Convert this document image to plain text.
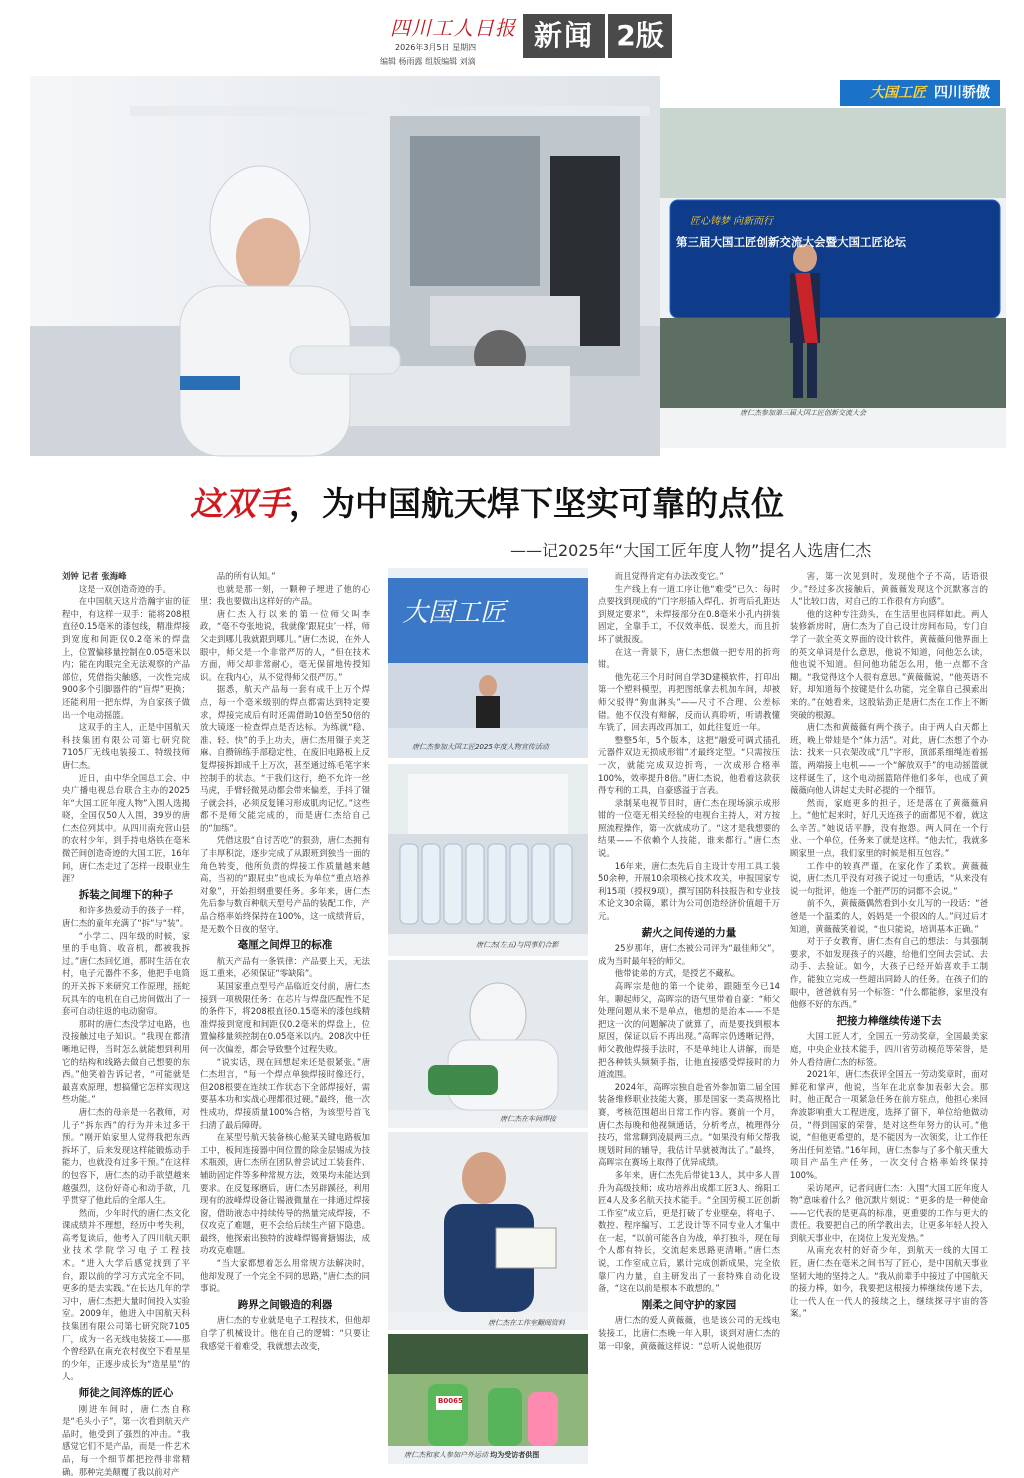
四川工人日报
2026年3月5日 星期四
编辑 杨雨露 组版编辑 刘滴
新闻 2版
大国工匠 四川骄傲
匠心铸梦 向新而行
第三届大国工匠创新交流大会暨大国工匠论坛
唐仁杰参加第三届大国工匠创新交流大会
这双手，为中国航天焊下坚实可靠的点位
——记2025年“大国工匠年度人物”提名人选唐仁杰

刘钟 记者 张海峰

这是一双创造奇迹的手。

在中国航天这片浩瀚宇宙的征程中，有这样一双手：能将208根直径0.15毫米的漆包线，精准焊接到宽度和间距仅0.2毫米的焊盘上，位置偏移量控制在0.05毫米以内；能在肉眼完全无法观察的产品部位，凭借指尖触感，一次性完成900多个引脚器件的“盲焊”更换；还能利用一把东焊，为自家孩子做出一个电动摇篮。

这双手的主人，正是中国航天科技集团有限公司第七研究院7105厂无线电装接工、特级技师唐仁杰。

近日，由中华全国总工会、中央广播电视总台联合主办的2025年“大国工匠年度人物”入围人选揭晓，全国仅50人入围，39岁的唐仁杰位列其中。从四川南充营山县的农村少年，到手持电烙铁在毫米微芒间创造奇迹的大国工匠，16年间，唐仁杰走过了怎样一段职业生涯？

拆装之间埋下的种子

和许多热爱动手的孩子一样，唐仁杰的童年充满了“拆”与“装”。

“小学二、四年级的时候，家里的手电筒、收音机，都被我拆过。”唐仁杰回忆道，那时生活在农村，电子元器件不多，他把手电筒的开关拆下来研究工作原理，摇蛇玩具车的电机在自己房间做出了一套可自动往返的电动窗帘。

那时的唐仁杰没学过电路，也没接触过电子知识。“我现在都清晰地记得，当时怎么就能想到利用它的结构和线路去做自己想要的东西。”他笑着告诉记者，“可能就是最喜欢原理，想搞懂它怎样实现这些功能。”

唐仁杰的母亲是一名教师，对儿子“拆东西”的行为并未过多干预。“刚开始家里人觉得我把东西拆坏了，后来发现这样能锻炼动手能力，也就没有过多干预。”在这样的包容下，唐仁杰的动手欲望越来越强烈，这份好奇心和动手欲，几乎贯穿了他此后的全部人生。

然而，少年时代的唐仁杰文化课成绩并不理想，经历中考失利，高考复读后，他考入了四川航天职业技术学院学习电子工程技术。“进入大学后感觉找到了平台，跟以前的学习方式完全不同，更多的是去实践。”在长达几年的学习中，唐仁杰把大量时间投入实验室。2009年，他进入中国航天科技集团有限公司第七研究院7105厂，成为一名无线电装接工——那个曾经趴在南充农村夜空下看星星的少年，正逐步成长为“造星星”的人。

师徒之间淬炼的匠心

刚进车间时，唐仁杰自称是“毛头小子”，第一次看到航天产品时，他受到了强烈的冲击。“我感觉它们不是产品，而是一件艺术品，每一个细节都把控得非常精确。那种完美颠覆了我以前对产

品的所有认知。”

也就是那一刻，一颗种子埋进了他的心里：我也要做出这样好的产品。

唐仁杰入行以来的第一位师父叫李政，“毫不夸张地说，我就像‘跟屁虫’一样，师父走到哪儿我就跟到哪儿。”唐仁杰说，在外人眼中，师父是一个非常严厉的人，“但在技术方面，师父却非常耐心，毫无保留地传授知识。在我内心，从不觉得师父很严厉。”

据悉，航天产品每一套有成千上万个焊点，每一个毫米级别的焊点都需达到特定要求，焊接完成后有时还需借助10倍至50倍的放大镜逐一检查焊点是否达标。为练就“稳、准、轻、快”的手上功夫，唐仁杰用镊子夹芝麻、自攒锦练手部稳定性，在废旧电路板上反复焊接拆卸成千上万次，甚至通过练毛笔字来控制手的状态。“干我们这行，绝不允许一丝马虎，手臂轻微晃动都会带来偏差，手抖了镊子就会抖，必须反复锤习形成肌肉记忆。”这些都不是师父能完成的，而是唐仁杰给自己的“加练”。

凭借这股“自讨苦吃”的狠劲，唐仁杰拥有了丰厚积淀，逐步完成了从跟班到独当一面的角色转变，他所负责的焊接工作质量越来越高，当初的“跟屁虫”也成长为单位“重点培养对象”，开始担纲重要任务。多年来，唐仁杰先后参与数百种航天型号产品的装配工作，产品合格率始终保持在100%，这一成绩背后，是无数个日夜的坚守。

毫厘之间焊卫的标准

航天产品有一条铁律：产品要上天，无法返工重来，必须保证“零缺陷”。

某国家重点型号产品临近交付前，唐仁杰接到一项极限任务：在芯片与焊盘匹配性不足的条件下，将208根直径0.15毫米的漆包线精准焊接到宽度和间距仅0.2毫米的焊盘上，位置偏移量须控制在0.05毫米以内。208次中任何一次偏差，都会导致整个过程失败。

“说实话，现在回想起来还是很紧张。”唐仁杰坦言，“每一个焊点单独焊接时像还行，但208根要在连续工作状态下全部焊接好，需要基本功和实战心理都很过硬。”最终，他一次性成功，焊接质量100%合格，为该型号首飞扫清了最后障碍。

在某型号航天装备核心舱某关键电路板加工中，板间连接器中间位置的除金层锡成为技术瓶颈，唐仁杰所在团队曾尝试过工装套件、辅助固定件等多种常规方法，效果均未能达到要求。在反复琢磨后，唐仁杰另辟蹊径，利用现有的波峰焊设备让锡液微量在一排通过焊接窗，借助液态中持续传导的热量完成焊接，不仅攻克了难题，更不会给后续生产留下隐患。最终，他探索出独特的波峰焊锡膏搪锡法，成功攻克难题。

“当大家都想着怎么用常规方法解决时，他却发现了一个完全不同的思路，”唐仁杰的同事说。

跨界之间锻造的利器

唐仁杰的专业就是电子工程技术，但他却自学了机械设计。他在自己的逻辑：“只要让我感觉干着难受，我就想去改变，

大国工匠
唐仁杰参加大国工匠2025年度人物宣传活动
唐仁杰(左五)与同事们合影
唐仁杰在车间焊接
唐仁杰在工作室翻阅资料
B0065
唐仁杰和家人参加户外运动 均为受访者供图

而且觉得肯定有办法改变它。”

生产线上有一道工序让他“难受”已久：每时点要找到现成的“门字形插入焊孔、折弯后孔距达到规定要求”，未焊接部分在0.8毫米小孔内拼装固定，全靠手工，不仅效率低、误差大，而且折坏了就报废。

在这一背景下，唐仁杰想做一把专用的折弯钳。

他先花三个月时间自学3D建模软件，打印出第一个塑料模型，再把图纸拿去机加车间，却被师父驳得“狗血淋头”——尺寸不合理、公差标错。他不仅没有辩解，反而认真聆听，听请教懂车铣了，回去再改再加工，如此往复近一年。

整整5年，5个版本，这把“融爱可调式插孔元器件双边无损成形钳”才最终定型。“只需按压一次，就能完成双边折弯，一次成形合格率100%，效率提升8倍。”唐仁杰说，他看着这款获得专利的工具，自豪感溢于言表。

录制某电视节目时，唐仁杰在现场演示成形钳的一位毫无相关经验的电视台主持人，对方按照流程操作，第一次就成功了。“这才是我想要的结果——不依赖个人技能，谁来都行。”唐仁杰说。

16年来，唐仁杰先后自主设计专用工具工装50余种，开展10余项核心技术攻关，申报国家专利15项（授权9项），撰写国防科技报告和专业技术论文30余篇，累计为公司创造经济价值超千万元。

薪火之间传递的力量

25岁那年，唐仁杰被公司评为“最佳师父”，成为当时最年轻的师父。

他带徒弟的方式，是授艺不藏私。

高晖宗是他的第一个徒弟，跟随至今已14年。聊起师父，高晖宗的语气里带着自豪：“师父处理问题从来不是单点，他想的是治本——不是把这一次的问题解决了就算了，而是要找到根本原因，保证以后不再出现。”高晖宗仍透晰记得，师父教他焊接手法时，不是单纯让人讲解，而是把各种铁头频频手指，让他直接感受焊接时的力道流围。

2024年，高晖宗独自赴省外参加第二届全国装备维修职业技能大赛，那是国家一类高规格比赛，考核范围超出日常工作内容。赛前一个月，唐仁杰每晚和他视频通话，分析考点，梳理得分技巧，常常聊到凌晨两三点。“如果没有师父帮我规划时间的辅导，我估计早就被淘汰了。”最终，高晖宗在赛场上取得了优异成绩。

多年来，唐仁杰先后带徒13人，其中多人晋升为高级技师；成功培养出成都工匠3人、绵阳工匠4人及多名航天技术能手。“全国劳模工匠创新工作室”成立后，更是打破了专业壁垒，将电子、数控、程序编写、工艺设计等不同专业人才集中在一起，“以前可能各自为战，单打独斗，现在每个人都有特长，交流起来思路更清晰。”唐仁杰说，工作室成立后，累计完成创新成果，完全依靠厂内力量，自主研发出了一套特殊自动化设备，“这在以前是根本不敢想的。”

刚柔之间守护的家园

唐仁杰的爱人黄薇薇，也是该公司的无线电装接工，比唐仁杰晚一年入职，谈到对唐仁杰的第一印象，黄薇薇这样说：“总听人说他很厉

害，第一次见到时，发现他个子不高，话语很少。”经过多次接触后，黄薇薇发现这个沉默寡言的人“比较口齿，对自己的工作很有方向感”。

他的这种专注劲头，在生活里也同样如此。两人装修新房时，唐仁杰为了自己设计房间布局，专门自学了一款全英文界面的设计软件，黄薇薇问他界面上的英文单词是什么意思，他说不知道，问他怎么读，他也说不知道。但问他功能怎么用，他一点都不含糊。“我觉得这个人很有意思。”黄薇薇说，“他英语不好，却知道每个按键是什么功能，完全靠自己摸索出来的。”在她看来，这股钻劲正是唐仁杰在工作上不断突破的根源。

唐仁杰和黄薇薇有两个孩子。由于两人白天都上班，晚上带娃是个“体力活”。对此，唐仁杰想了个办法：找来一只衣架改成“几”字形，顶部系细绳连着摇篮，两端接上电机——一个“解放双手”的电动摇篮就这样诞生了，这个电动摇篮陪伴他们多年，也成了黄薇薇向他人讲起丈夫时必提的一个细节。

然而，家庭更多的担子，还是落在了黄薇薇肩上。“他忙起来时，好几天连孩子的面都见不着，就这么辛苦。”她说话平静，没有抱怨。两人同在一个行业、一个单位，任务来了就是这样。“他去忙，我就多顾家里一点，我们家里的时候是相互包容。”

工作中的较真严谨，在家化作了柔软。黄薇薇说，唐仁杰几乎没有对孩子说过一句重话，“从来没有说一句批评，他连一个脏严厉的词都不会说。”

前不久，黄薇薇偶然看到小女儿写的一段话：“爸爸是一个温柔的人，妈妈是一个很凶的人。”问过后才知道，黄薇薇笑着说，“也只能说，培训基本正确。”

对于子女教育，唐仁杰有自己的想法：与其强制要求，不如发现孩子的兴趣，给他们空间去尝试、去动手、去验证。如今，大孩子已经开始喜欢手工制作，能独立完成一些超出同龄人的任务。在孩子们的眼中，爸爸就有另一个标签：“什么都能修，家里没有他修不好的东西。”

把接力棒继续传递下去

大国工匠人才，全国五一劳动奖章，全国最美家庭，中央企业技术能手，四川省劳动模范等荣誉，是外人看待唐仁杰的标签。

2021年，唐仁杰获评全国五一劳动奖章时，面对鲜花和掌声，他说，当年在北京参加表彰大会。那时，他正配合一项紧急任务在前方驻点，他担心来回奔波影响重大工程进度，选择了留下，单位给他做动员，“得到国家的荣誉，是对这些年努力的认可。”他说，“但他更希望的，是不能因为一次领奖，让工作任务出任何差错。”16年间，唐仁杰参与了多个航天重大项目产品生产任务，一次交付合格率始终保持100%。

采访尾声，记者问唐仁杰：入围“大国工匠年度人物”意味着什么？他沉默片刻说：“更多的是一种使命——它代表的是更高的标准，更重要的工作与更大的责任。我要把自己的所学教出去，让更多年轻人投入到航天事业中，在岗位上发光发热。”

从南充农村的好奇少年，到航天一线的大国工匠，唐仁杰在毫米之间书写了匠心，是中国航天事业坚韧大地的坚持之人。“我从前辈手中接过了中国航天的接力棒，如今，我要把这根接力棒继续传递下去，让一代人在一代人的接续之上，继续探寻宇宙的答案。”
